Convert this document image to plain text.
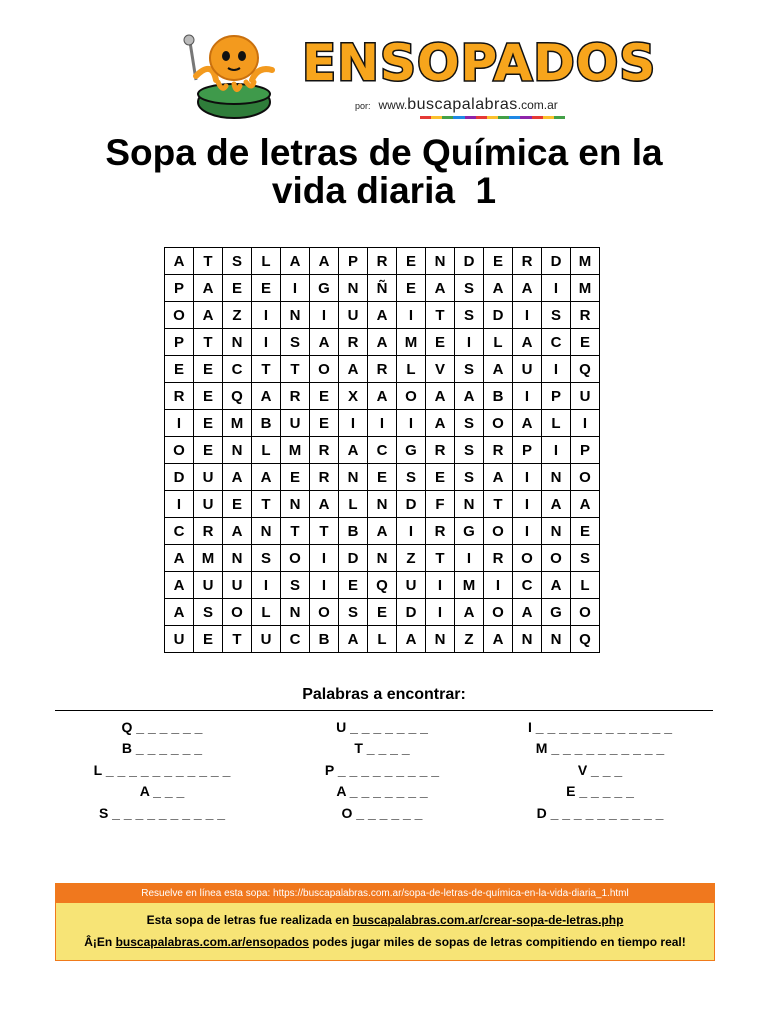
ENSOPADOS
por: www.buscapalabras.com.ar
Sopa de letras de Química en la
vida diaria  1
A	T	S	L	A	A	P	R	E	N	D	E	R	D	M
P	A	E	E	I	G	N	Ñ	E	A	S	A	A	I	M
O	A	Z	I	N	I	U	A	I	T	S	D	I	S	R
P	T	N	I	S	A	R	A	M	E	I	L	A	C	E
E	E	C	T	T	O	A	R	L	V	S	A	U	I	Q
R	E	Q	A	R	E	X	A	O	A	A	B	I	P	U
I	E	M	B	U	E	I	I	I	A	S	O	A	L	I
O	E	N	L	M	R	A	C	G	R	S	R	P	I	P
D	U	A	A	E	R	N	E	S	E	S	A	I	N	O
I	U	E	T	N	A	L	N	D	F	N	T	I	A	A
C	R	A	N	T	T	B	A	I	R	G	O	I	N	E
A	M	N	S	O	I	D	N	Z	T	I	R	O	O	S
A	U	U	I	S	I	E	Q	U	I	M	I	C	A	L
A	S	O	L	N	O	S	E	D	I	A	O	A	G	O
U	E	T	U	C	B	A	L	A	N	Z	A	N	N	Q
Palabras a encontrar:
Q _ _ _ _ _ _
B _ _ _ _ _ _
L _ _ _ _ _ _ _ _ _ _ _
A _ _ _
S _ _ _ _ _ _ _ _ _ _
U _ _ _ _ _ _ _
T _ _ _ _
P _ _ _ _ _ _ _ _ _
A _ _ _ _ _ _ _
O _ _ _ _ _ _
I _ _ _ _ _ _ _ _ _ _ _ _
M _ _ _ _ _ _ _ _ _ _
V _ _ _
E _ _ _ _ _
D _ _ _ _ _ _ _ _ _ _
Resuelve en línea esta sopa: https://buscapalabras.com.ar/sopa-de-letras-de-química-en-la-vida-diaria_1.html
Esta sopa de letras fue realizada en buscapalabras.com.ar/crear-sopa-de-letras.php
Â¡En buscapalabras.com.ar/ensopados podes jugar miles de sopas de letras compitiendo en tiempo real!
